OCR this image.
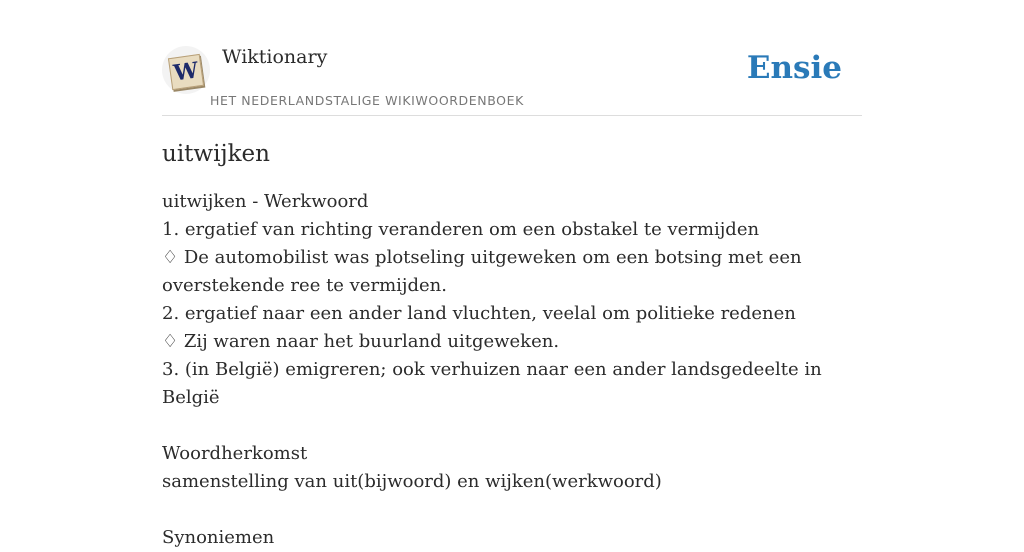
W
Wiktionary
HET NEDERLANDSTALIGE WIKIWOORDENBOEK
Ensie
uitwijken
uitwijken - Werkwoord
1. ergatief van richting veranderen om een obstakel te vermijden
♢ De automobilist was plotseling uitgeweken om een botsing met een
overstekende ree te vermijden.
2. ergatief naar een ander land vluchten, veelal om politieke redenen
♢ Zij waren naar het buurland uitgeweken.
3. (in België) emigreren; ook verhuizen naar een ander landsgedeelte in België
Woordherkomst
samenstelling van uit(bijwoord) en wijken(werkwoord)
Synoniemen
